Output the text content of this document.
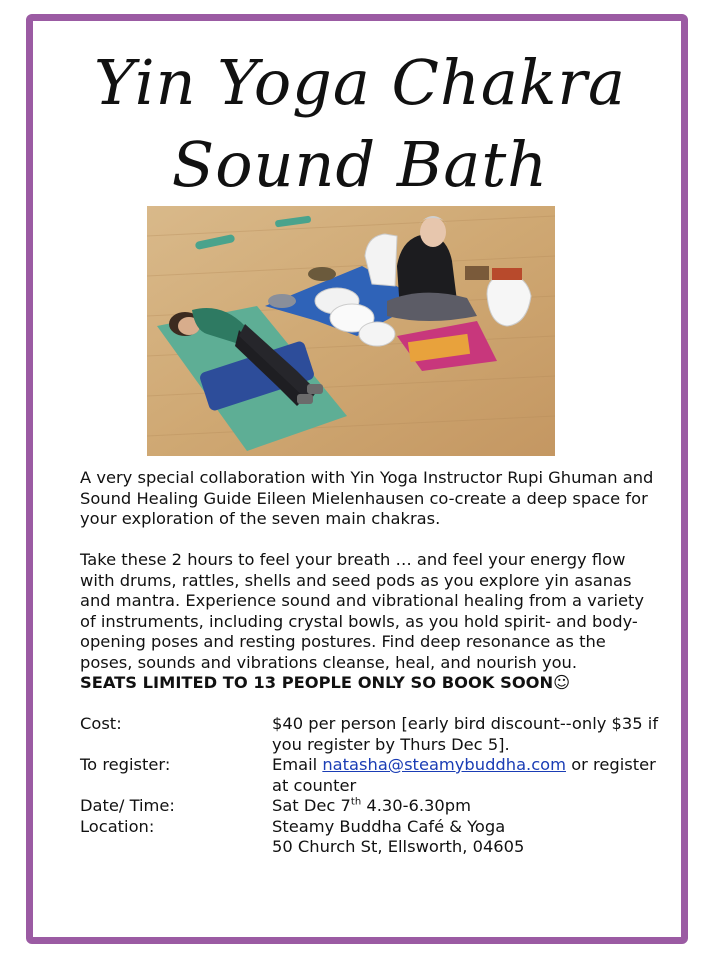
Yin Yoga Chakra
Sound Bath

A very special collaboration with Yin Yoga Instructor Rupi Ghuman and Sound Healing Guide Eileen Mielenhausen co-create a deep space for your exploration of the seven main chakras.

Take these 2 hours to feel your breath … and feel your energy flow with drums, rattles, shells and seed pods as you explore yin asanas and mantra. Experience sound and vibrational healing from a variety of instruments, including crystal bowls, as you hold spirit- and body-opening poses and resting postures. Find deep resonance as the poses, sounds and vibrations cleanse, heal, and nourish you.

SEATS LIMITED TO 13 PEOPLE ONLY SO BOOK SOON☺

Cost:	$40 per person [early bird discount--only $35 if you register by Thurs Dec 5].
To register:	Email natasha@steamybuddha.com or register at counter
Date/ Time:	Sat Dec 7th 4.30-6.30pm
Location:	Steamy Buddha Café & Yoga
50 Church St, Ellsworth, 04605
